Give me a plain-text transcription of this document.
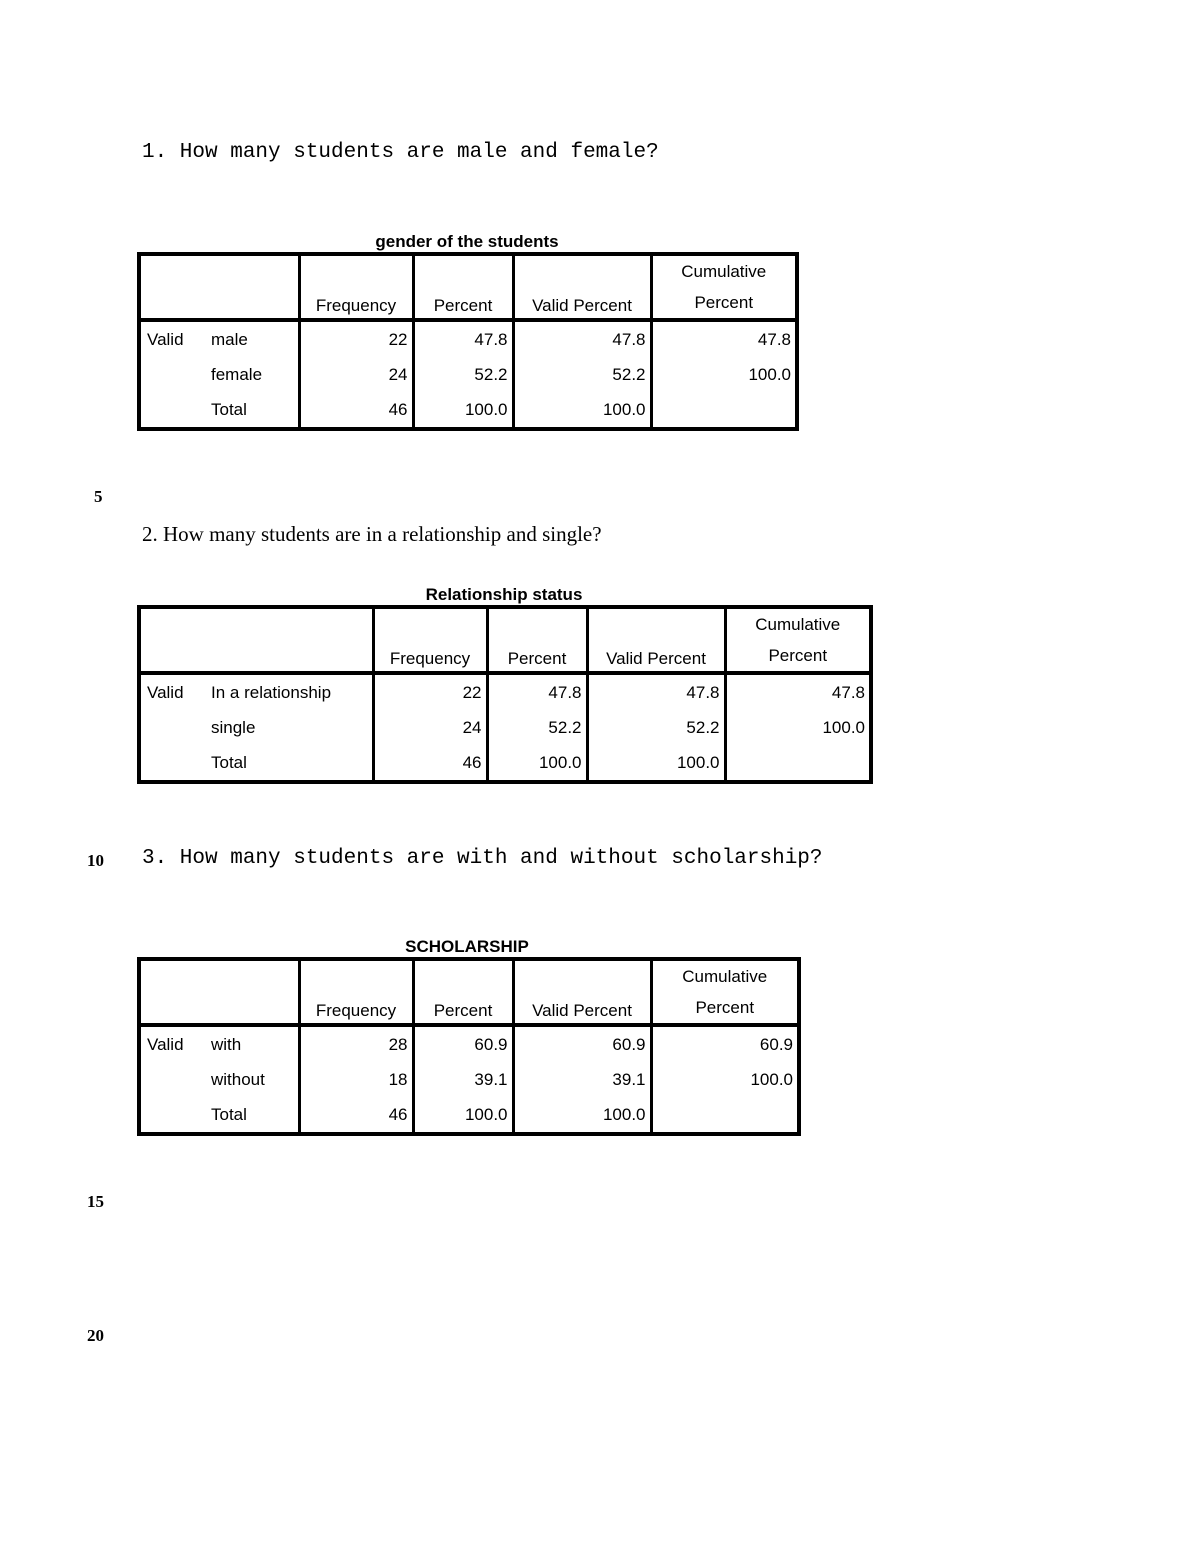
5
10
15
20
1. How many students are male and female?
gender of the students
		Frequency	Percent	Valid Percent	Cumulative
Percent
Valid	male	22	47.8	47.8	47.8
	female	24	52.2	52.2	100.0
	Total	46	100.0	100.0	
2. How many students are in a relationship and single?
Relationship status
		Frequency	Percent	Valid Percent	Cumulative
Percent
Valid	In a relationship	22	47.8	47.8	47.8
	single	24	52.2	52.2	100.0
	Total	46	100.0	100.0	
3. How many students are with and without scholarship?
SCHOLARSHIP
		Frequency	Percent	Valid Percent	Cumulative
Percent
Valid	with	28	60.9	60.9	60.9
	without	18	39.1	39.1	100.0
	Total	46	100.0	100.0	
